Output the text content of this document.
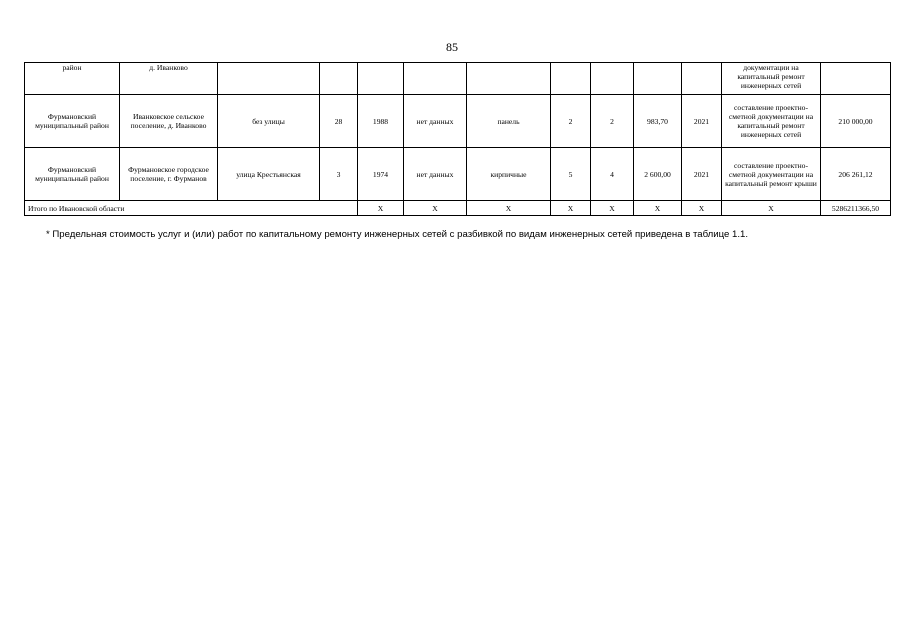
85
район	д. Иванково										документации на капитальный ремонт инженерных сетей	
Фурмановский муниципальный район	Иванковское сельское поселение, д. Иванково	без улицы	28	1988	нет данных	панель	2	2	983,70	2021	составление проектно-сметной документации на капитальный ремонт инженерных сетей	210 000,00
Фурмановский муниципальный район	Фурмановское городское поселение, г. Фурманов	улица Крестьянская	3	1974	нет данных	кирпичные	5	4	2 600,00	2021	составление проектно-сметной документации на капитальный ремонт крыши	206 261,12
Итого по Ивановской области				X	X	X	X	X	X	X	X	5286211366,50
* Предельная стоимость услуг и (или) работ по капитальному ремонту инженерных сетей с разбивкой по видам инженерных сетей приведена в таблице 1.1.
